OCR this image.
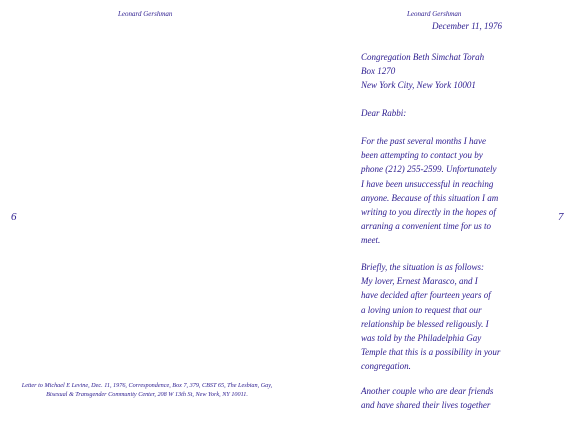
Leonard Gershman
6
Letter to Michael E Levine, Dec. 11, 1976, Correspondence, Box 7, 379, CBST 65, The Lesbian, Gay, Bisexual & Transgender Community Center, 208 W 13th St, New York, NY 10011.
Leonard Gershman
December 11, 1976
7
Congregation Beth Simchat Torah
Box 1270
New York City, New York 10001
Dear Rabbi:
For the past several months I have
been attempting to contact you by
phone (212) 255-2599. Unfortunately
I have been unsuccessful in reaching
anyone. Because of this situation I am
writing to you directly in the hopes of
arraning a convenient time for us to
meet.
Briefly, the situation is as follows:
My lover, Ernest Marasco, and I
have decided after fourteen years of
a loving union to request that our
relationship be blessed religously. I
was told by the Philadelphia Gay
Temple that this is a possibility in your
congregation.
Another couple who are dear friends
and have shared their lives together
